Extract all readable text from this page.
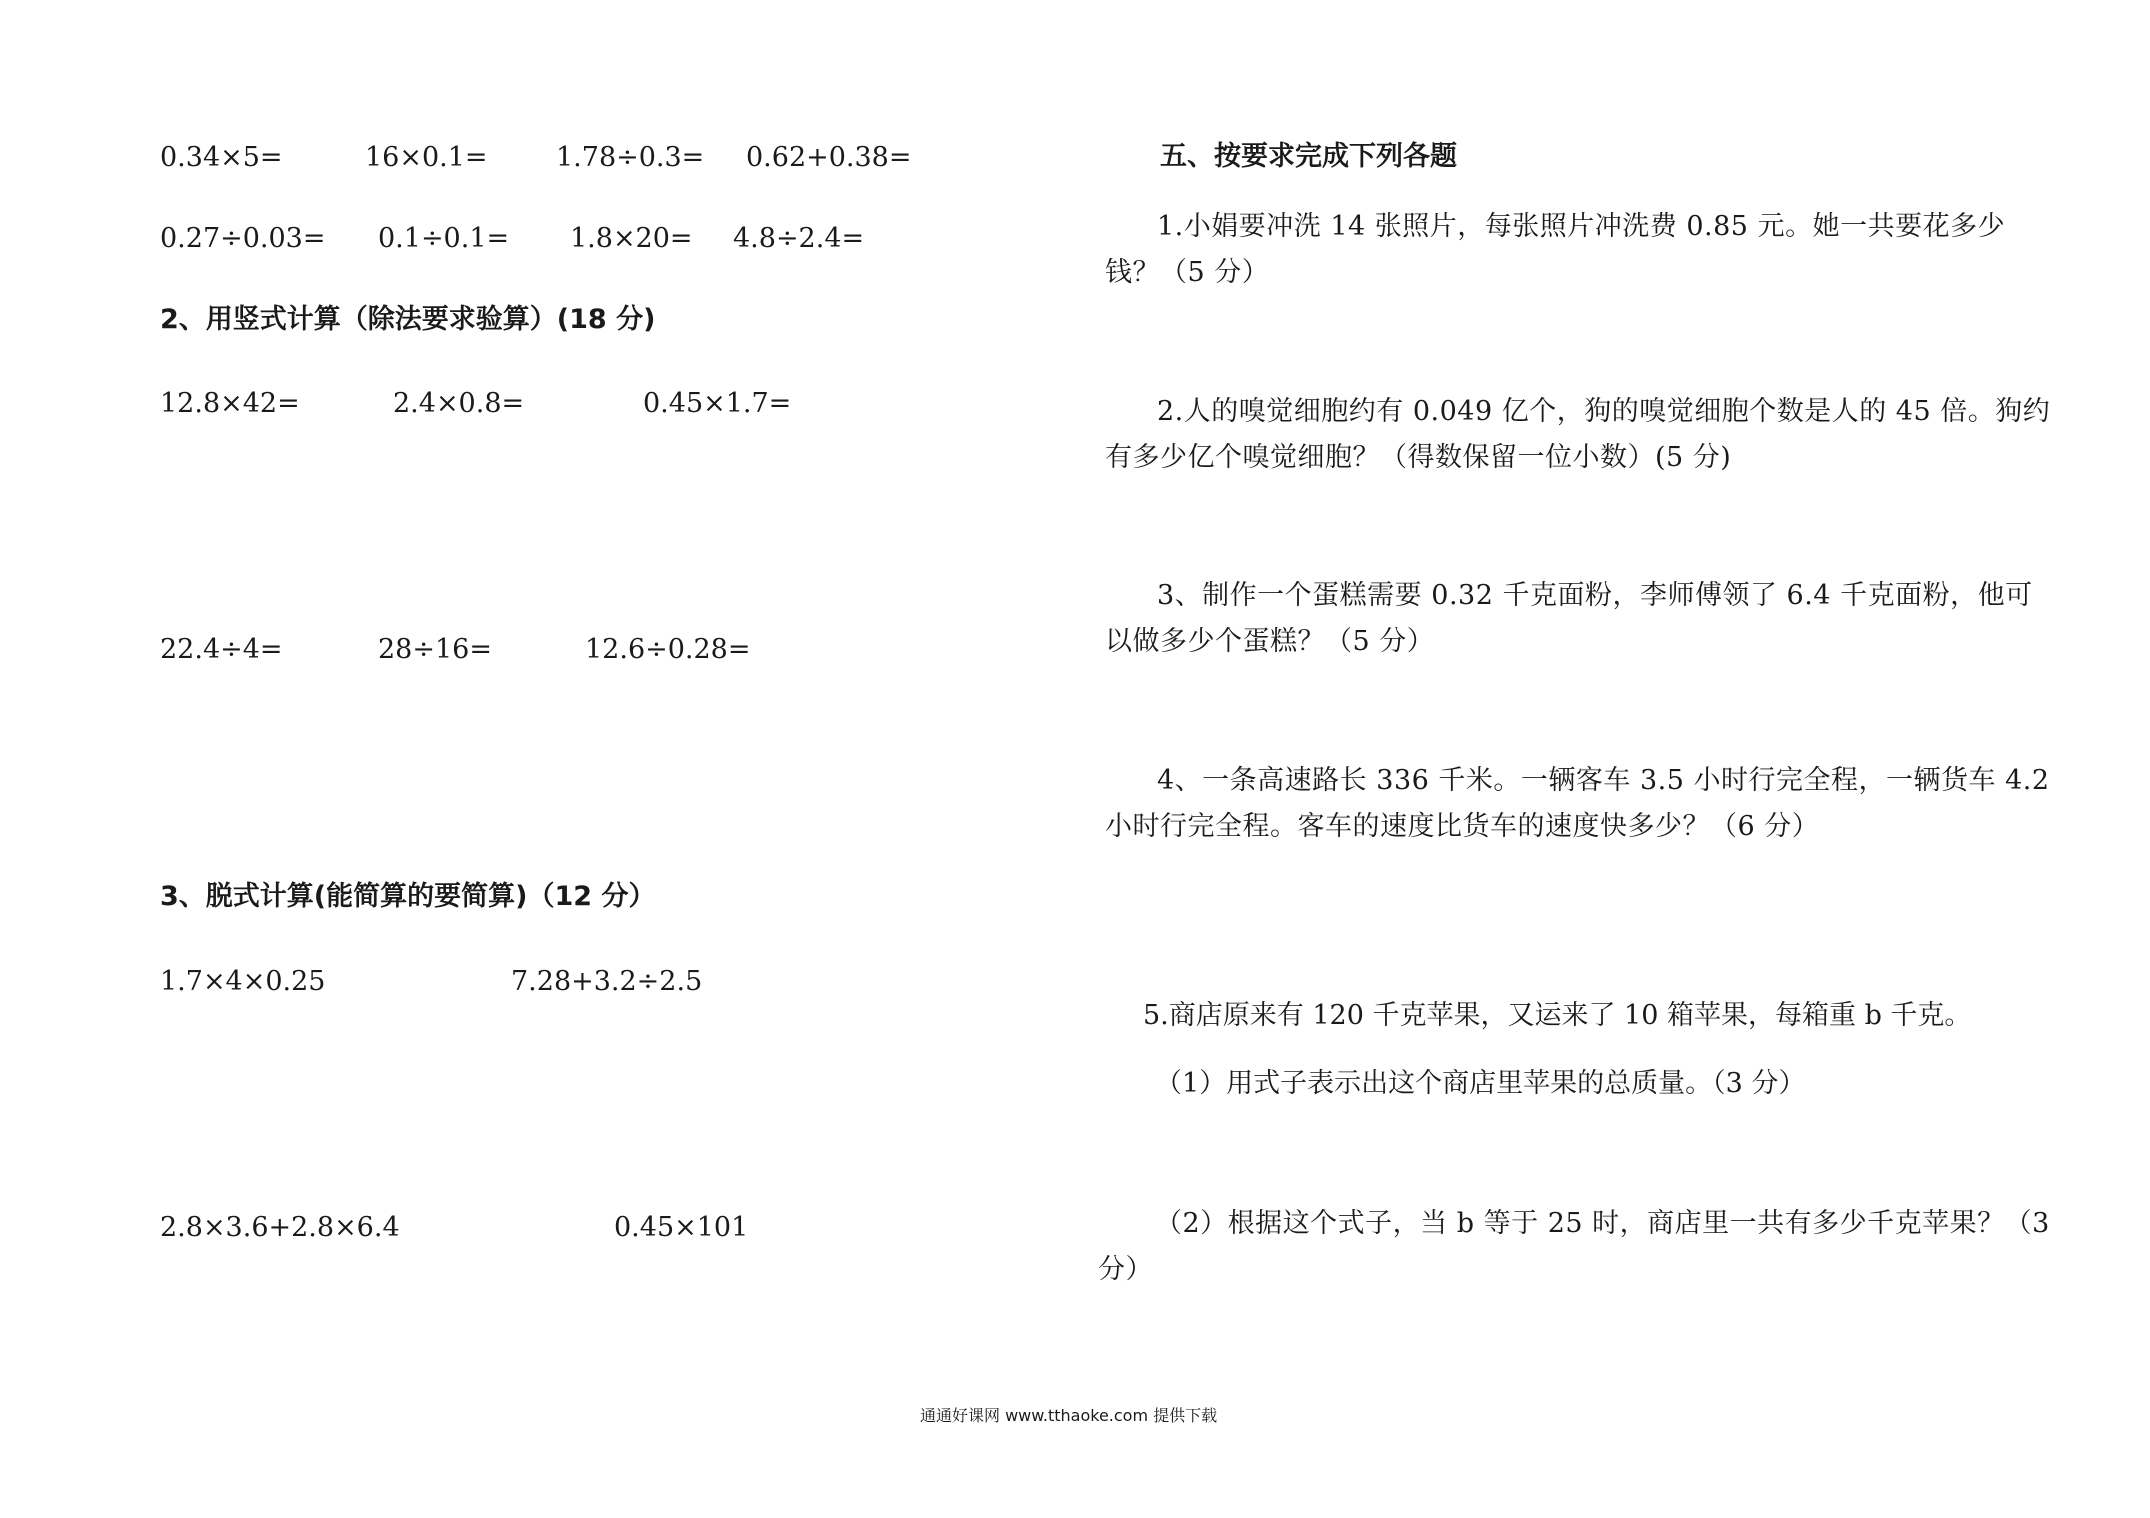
0.34×5=	16×0.1=	1.78÷0.3= 0.62+0.38=
0.27÷0.03= 0.1÷0.1= 1.8×20= 4.8÷2.4=
2、用竖式计算（除法要求验算）(18 分)
12.8×42=	2.4×0.8=	0.45×1.7=
22.4÷4=	28÷16=	12.6÷0.28=
3、脱式计算(能简算的要简算)（12 分）
1.7×4×0.25	7.28+3.2÷2.5
2.8×3.6+2.8×6.4	0.45×101
五、按要求完成下列各题
1.小娟要冲洗 14 张照片，每张照片冲洗费 0.85 元。她一共要花多少钱？（5 分）
2.人的嗅觉细胞约有 0.049 亿个，狗的嗅觉细胞个数是人的 45 倍。狗约有多少亿个嗅觉细胞？（得数保留一位小数）(5 分)
3、制作一个蛋糕需要 0.32 千克面粉，李师傅领了 6.4 千克面粉，他可以做多少个蛋糕？（5 分）
4、一条高速路长 336 千米。一辆客车 3.5 小时行完全程，一辆货车 4.2 小时行完全程。客车的速度比货车的速度快多少？（6 分）
5.商店原来有 120 千克苹果，又运来了 10 箱苹果，每箱重 b 千克。
（1）用式子表示出这个商店里苹果的总质量。（3 分）
（2）根据这个式子，当 b 等于 25 时，商店里一共有多少千克苹果？（3 分）
通通好课网 www.tthaoke.com 提供下载
